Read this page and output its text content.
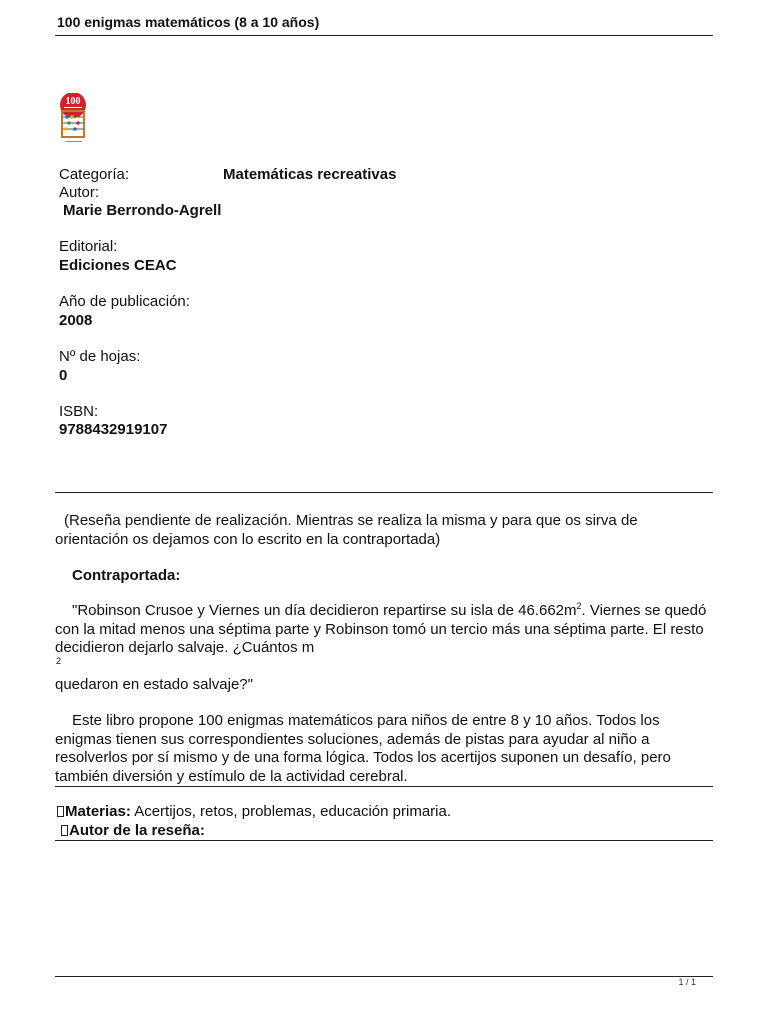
100 enigmas matemáticos (8 a 10 años)
100
Categoría:	Matemáticas recreativas
Autor:
Marie Berrondo-Agrell
Editorial:
Ediciones CEAC
Año de publicación:
2008
Nº de hojas:
0
ISBN:
9788432919107
(Reseña pendiente de realización. Mientras se realiza la misma y para que os sirva de orientación os dejamos con lo escrito en la contraportada)
Contraportada:
"Robinson Crusoe y Viernes un día decidieron repartirse su isla de $46.662m^2$. Viernes se quedó con la mitad menos una séptima parte y Robinson tomó un tercio más una séptima parte. El resto decidieron dejarlo salvaje. ¿Cuántos m
2
quedaron en estado salvaje?"
Este libro propone 100 enigmas matemáticos para niños de entre 8 y 10 años. Todos los enigmas tienen sus correspondientes soluciones, además de pistas para ayudar al niño a resolverlos por sí mismo y de una forma lógica. Todos los acertijos suponen un desafío, pero también diversión y estímulo de la actividad cerebral.
Materias: Acertijos, retos, problemas, educación primaria.
Autor de la reseña:
1 / 1
